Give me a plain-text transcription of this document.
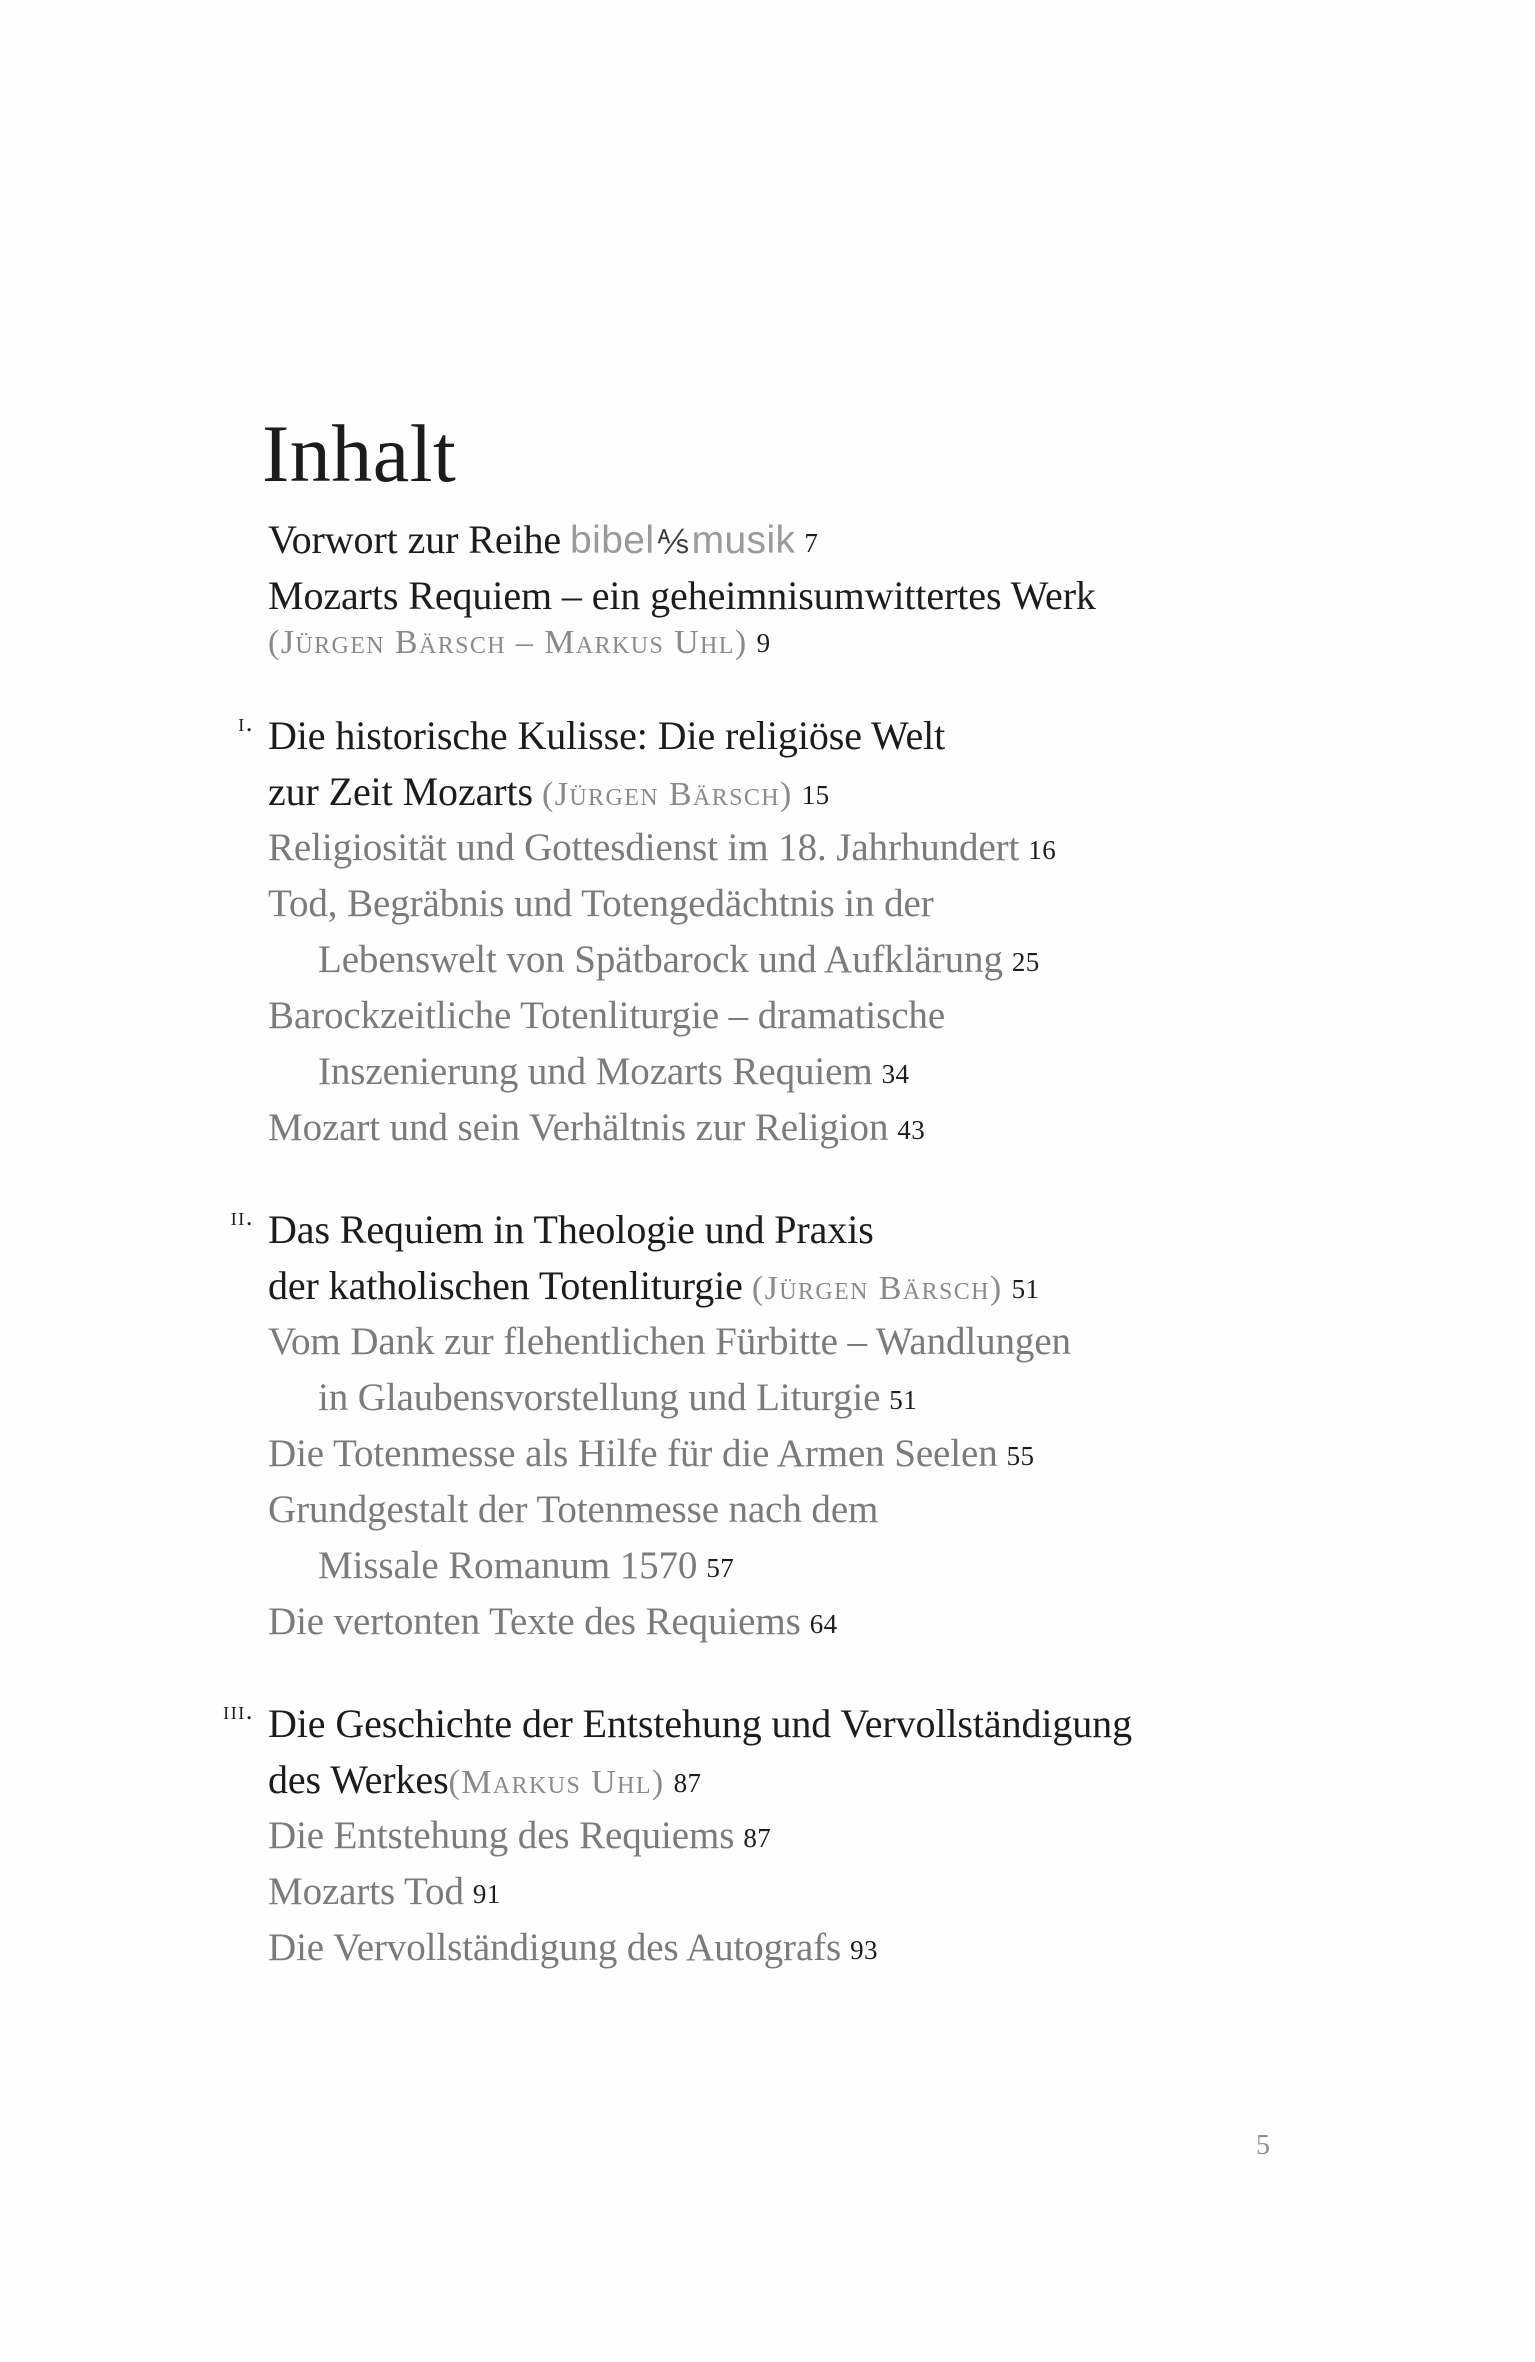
Inhalt
Vorwort zur Reihe bibel⅍musik 7
Mozarts Requiem – ein geheimnisumwittertes Werk
(Jürgen Bärsch – Markus Uhl) 9
i. Die historische Kulisse: Die religiöse Welt
zur Zeit Mozarts (Jürgen Bärsch) 15
Religiosität und Gottesdienst im 18. Jahrhundert 16
Tod, Begräbnis und Totengedächtnis in der
Lebenswelt von Spätbarock und Aufklärung 25
Barockzeitliche Totenliturgie – dramatische
Inszenierung und Mozarts Requiem 34
Mozart und sein Verhältnis zur Religion 43
ii. Das Requiem in Theologie und Praxis
der katholischen Totenliturgie (Jürgen Bärsch) 51
Vom Dank zur flehentlichen Fürbitte – Wandlungen
in Glaubensvorstellung und Liturgie 51
Die Totenmesse als Hilfe für die Armen Seelen 55
Grundgestalt der Totenmesse nach dem
Missale Romanum 1570 57
Die vertonten Texte des Requiems 64
iii. Die Geschichte der Entstehung und Vervollständigung
des Werkes(Markus Uhl) 87
Die Entstehung des Requiems 87
Mozarts Tod 91
Die Vervollständigung des Autografs 93
5
